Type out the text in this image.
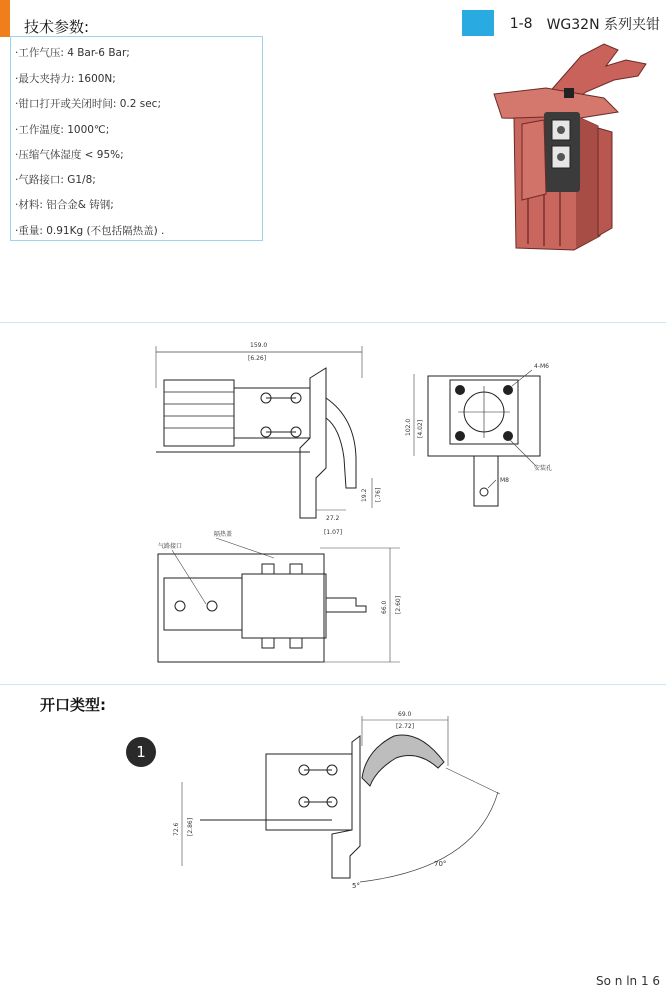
技术参数:	1-8 WG32N 系列夹钳
·工作气压: 4 Bar-6 Bar;
·最大夹持力: 1600N;
·钳口打开或关闭时间: 0.2 sec;
·工作温度: 1000℃;
·压缩气体湿度 < 95%;
·气路接口: G1/8;
·材料: 铝合金& 铸钢;
·重量: 0.91Kg (不包括隔热盖) .
159.0
[6.26]
27.2
[1.07]
19.2 [.76]
102.0 [4.02]
4-M6
M8
安装孔
隔热盖
气路接口
66.0 [2.60]
开口类型:
1
69.0
[2.72]
72.6 [2.86]
70°
5°
So n ln 1 6
